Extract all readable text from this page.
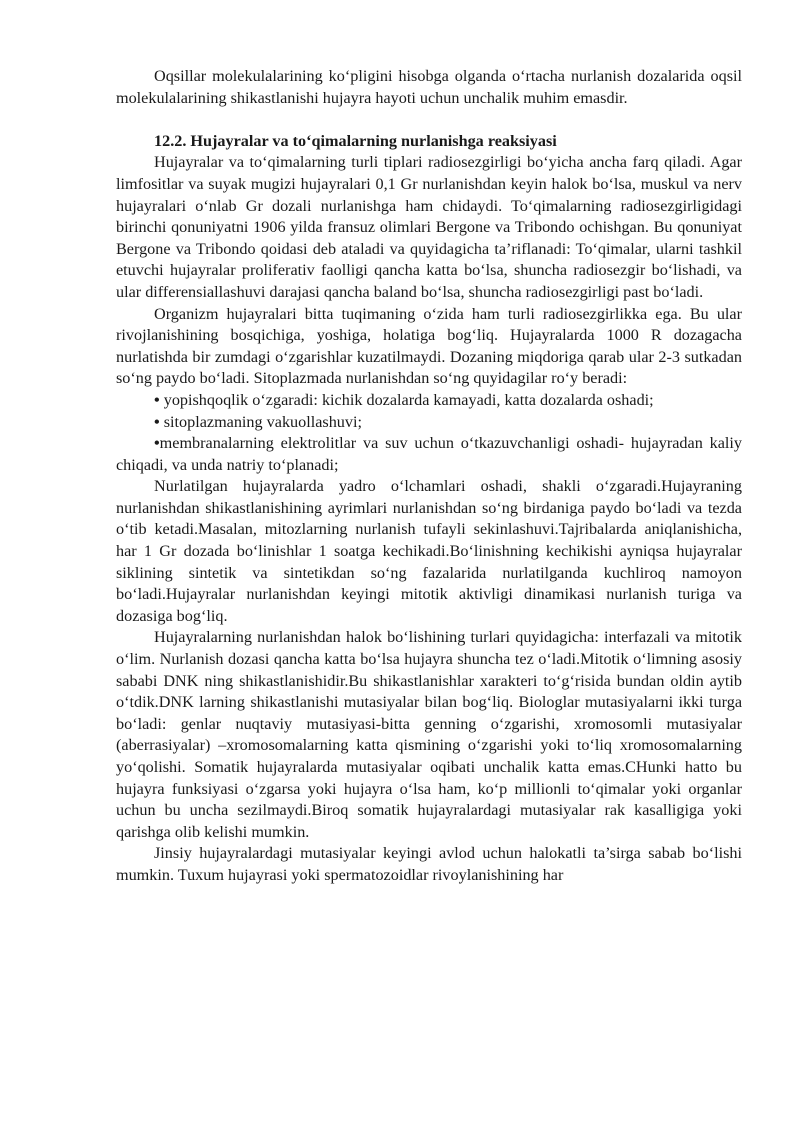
Oqsillar molekulalarining ko‘pligini hisobga olganda o‘rtacha nurlanish dozalarida oqsil molekulalarining shikastlanishi hujayra hayoti uchun unchalik muhim emasdir.

12.2. Hujayralar va to‘qimalarning nurlanishga reaksiyasi

Hujayralar va to‘qimalarning turli tiplari radiosezgirligi bo‘yicha ancha farq qiladi. Agar limfositlar va suyak mugizi hujayralari 0,1 Gr nurlanishdan keyin halok bo‘lsa, muskul va nerv hujayralari o‘nlab Gr dozali nurlanishga ham chidaydi. To‘qimalarning radiosezgirligidagi birinchi qonuniyatni 1906 yilda fransuz olimlari Bergone va Tribondo ochishgan. Bu qonuniyat Bergone va Tribondo qoidasi deb ataladi va quyidagicha ta’riflanadi: To‘qimalar, ularni tashkil etuvchi hujayralar proliferativ faolligi qancha katta bo‘lsa, shuncha radiosezgir bo‘lishadi, va ular differensiallashuvi darajasi qancha baland bo‘lsa, shuncha radiosezgirligi past bo‘ladi.

Organizm hujayralari bitta tuqimaning o‘zida ham turli radiosezgirlikka ega. Bu ular rivojlanishining bosqichiga, yoshiga, holatiga bog‘liq. Hujayralarda 1000 R dozagacha nurlatishda bir zumdagi o‘zgarishlar kuzatilmaydi. Dozaning miqdoriga qarab ular 2-3 sutkadan so‘ng paydo bo‘ladi. Sitoplazmada nurlanishdan so‘ng quyidagilar ro‘y beradi:

• yopishqoqlik o‘zgaradi: kichik dozalarda kamayadi, katta dozalarda oshadi;
• sitoplazmaning vakuollashuvi;
•membranalarning elektrolitlar va suv uchun o‘tkazuvchanligi oshadi- hujayradan kaliy chiqadi, va unda natriy to‘planadi;

Nurlatilgan hujayralarda yadro o‘lchamlari oshadi, shakli o‘zgaradi.Hujayraning nurlanishdan shikastlanishining ayrimlari nurlanishdan so‘ng birdaniga paydo bo‘ladi va tezda o‘tib ketadi.Masalan, mitozlarning nurlanish tufayli sekinlashuvi.Tajribalarda aniqlanishicha, har 1 Gr dozada bo‘linishlar 1 soatga kechikadi.Bo‘linishning kechikishi ayniqsa hujayralar siklining sintetik va sintetikdan so‘ng fazalarida nurlatilganda kuchliroq namoyon bo‘ladi.Hujayralar nurlanishdan keyingi mitotik aktivligi dinamikasi nurlanish turiga va dozasiga bog‘liq.

Hujayralarning nurlanishdan halok bo‘lishining turlari quyidagicha: interfazali va mitotik o‘lim. Nurlanish dozasi qancha katta bo‘lsa hujayra shuncha tez o‘ladi.Mitotik o‘limning asosiy sababi DNK ning shikastlanishidir.Bu shikastlanishlar xarakteri to‘g‘risida bundan oldin aytib o‘tdik.DNK larning shikastlanishi mutasiyalar bilan bog‘liq. Biologlar mutasiyalarni ikki turga bo‘ladi: genlar nuqtaviy mutasiyasi-bitta genning o‘zgarishi, xromosomli mutasiyalar (aberrasiyalar) –xromosomalarning katta qismining o‘zgarishi yoki to‘liq xromosomalarning yo‘qolishi. Somatik hujayralarda mutasiyalar oqibati unchalik katta emas.CHunki hatto bu hujayra funksiyasi o‘zgarsa yoki hujayra o‘lsa ham, ko‘p millionli to‘qimalar yoki organlar uchun bu uncha sezilmaydi.Biroq somatik hujayralardagi mutasiyalar rak kasalligiga yoki qarishga olib kelishi mumkin.

Jinsiy hujayralardagi mutasiyalar keyingi avlod uchun halokatli ta’sirga sabab bo‘lishi mumkin. Tuxum hujayrasi yoki spermatozoidlar rivoylanishining har
